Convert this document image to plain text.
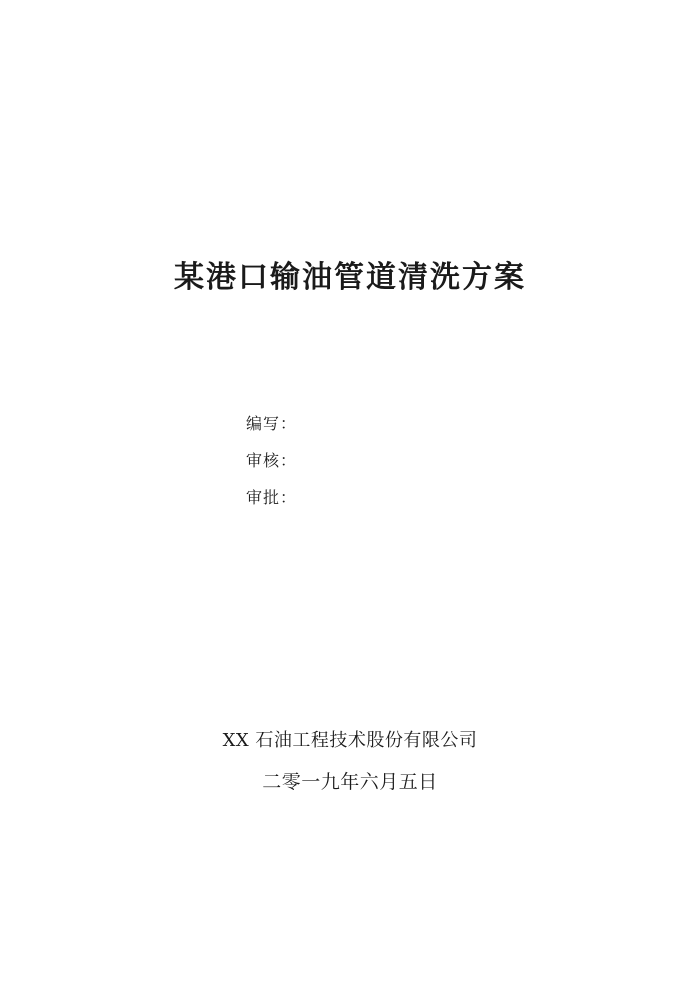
某港口输油管道清洗方案
编写：
审核：
审批：
XX 石油工程技术股份有限公司
二零一九年六月五日
